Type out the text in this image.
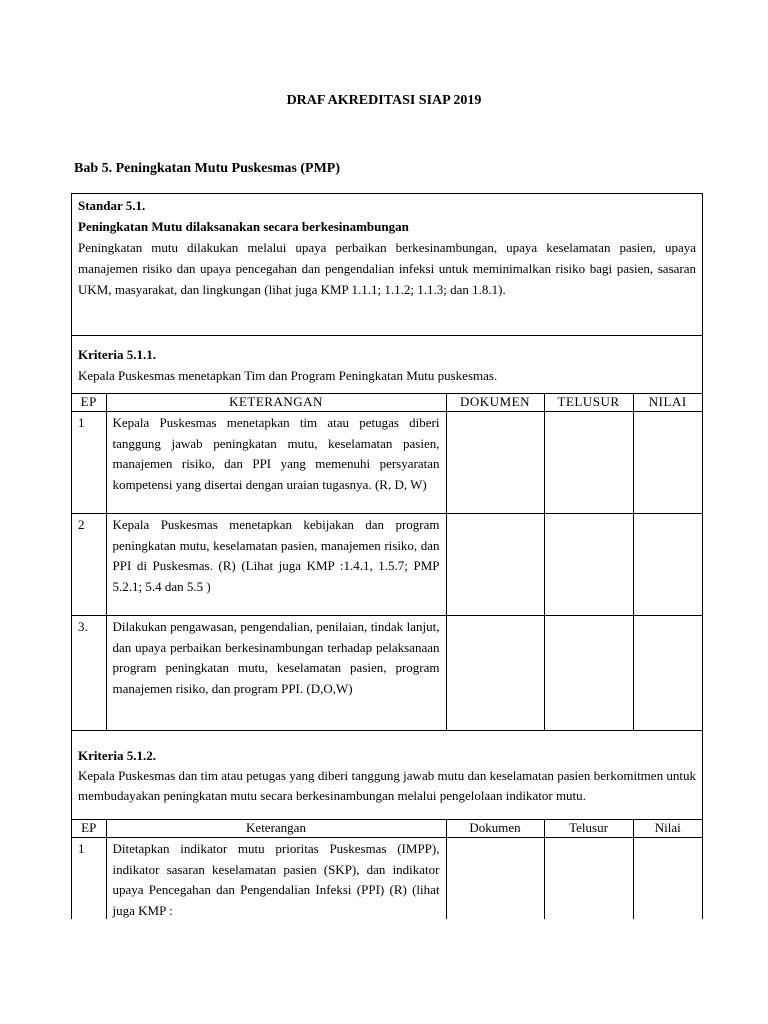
DRAF AKREDITASI SIAP 2019

Bab 5. Peningkatan Mutu Puskesmas (PMP)

Standar 5.1.

Peningkatan Mutu dilaksanakan secara berkesinambungan

Peningkatan mutu dilakukan melalui upaya perbaikan berkesinambungan, upaya keselamatan pasien, upaya manajemen risiko dan upaya pencegahan dan pengendalian infeksi untuk meminimalkan risiko bagi pasien, sasaran UKM, masyarakat, dan lingkungan (lihat juga KMP 1.1.1; 1.1.2; 1.1.3; dan 1.8.1).

Kriteria 5.1.1.

Kepala Puskesmas menetapkan Tim dan Program Peningkatan Mutu puskesmas.

EP	KETERANGAN	DOKUMEN	TELUSUR	NILAI
1	Kepala Puskesmas menetapkan tim atau petugas diberi tanggung jawab peningkatan mutu, keselamatan pasien, manajemen risiko, dan PPI yang memenuhi persyaratan kompetensi yang disertai dengan uraian tugasnya. (R, D, W)			
2	Kepala Puskesmas menetapkan kebijakan dan program peningkatan mutu, keselamatan pasien, manajemen risiko, dan PPI di Puskesmas. (R) (Lihat juga KMP :1.4.1, 1.5.7; PMP 5.2.1; 5.4 dan 5.5 )			
3.	Dilakukan pengawasan, pengendalian, penilaian, tindak lanjut, dan upaya perbaikan berkesinambungan terhadap pelaksanaan program peningkatan mutu, keselamatan pasien, program manajemen risiko, dan program PPI. (D,O,W)			

Kriteria 5.1.2.

Kepala Puskesmas dan tim atau petugas yang diberi tanggung jawab mutu dan keselamatan pasien berkomitmen untuk membudayakan peningkatan mutu secara berkesinambungan melalui pengelolaan indikator mutu.

EP	Keterangan	Dokumen	Telusur	Nilai
1	Ditetapkan indikator mutu prioritas Puskesmas (IMPP), indikator sasaran keselamatan pasien (SKP), dan indikator upaya Pencegahan dan Pengendalian Infeksi (PPI) (R) (lihat juga KMP :			
